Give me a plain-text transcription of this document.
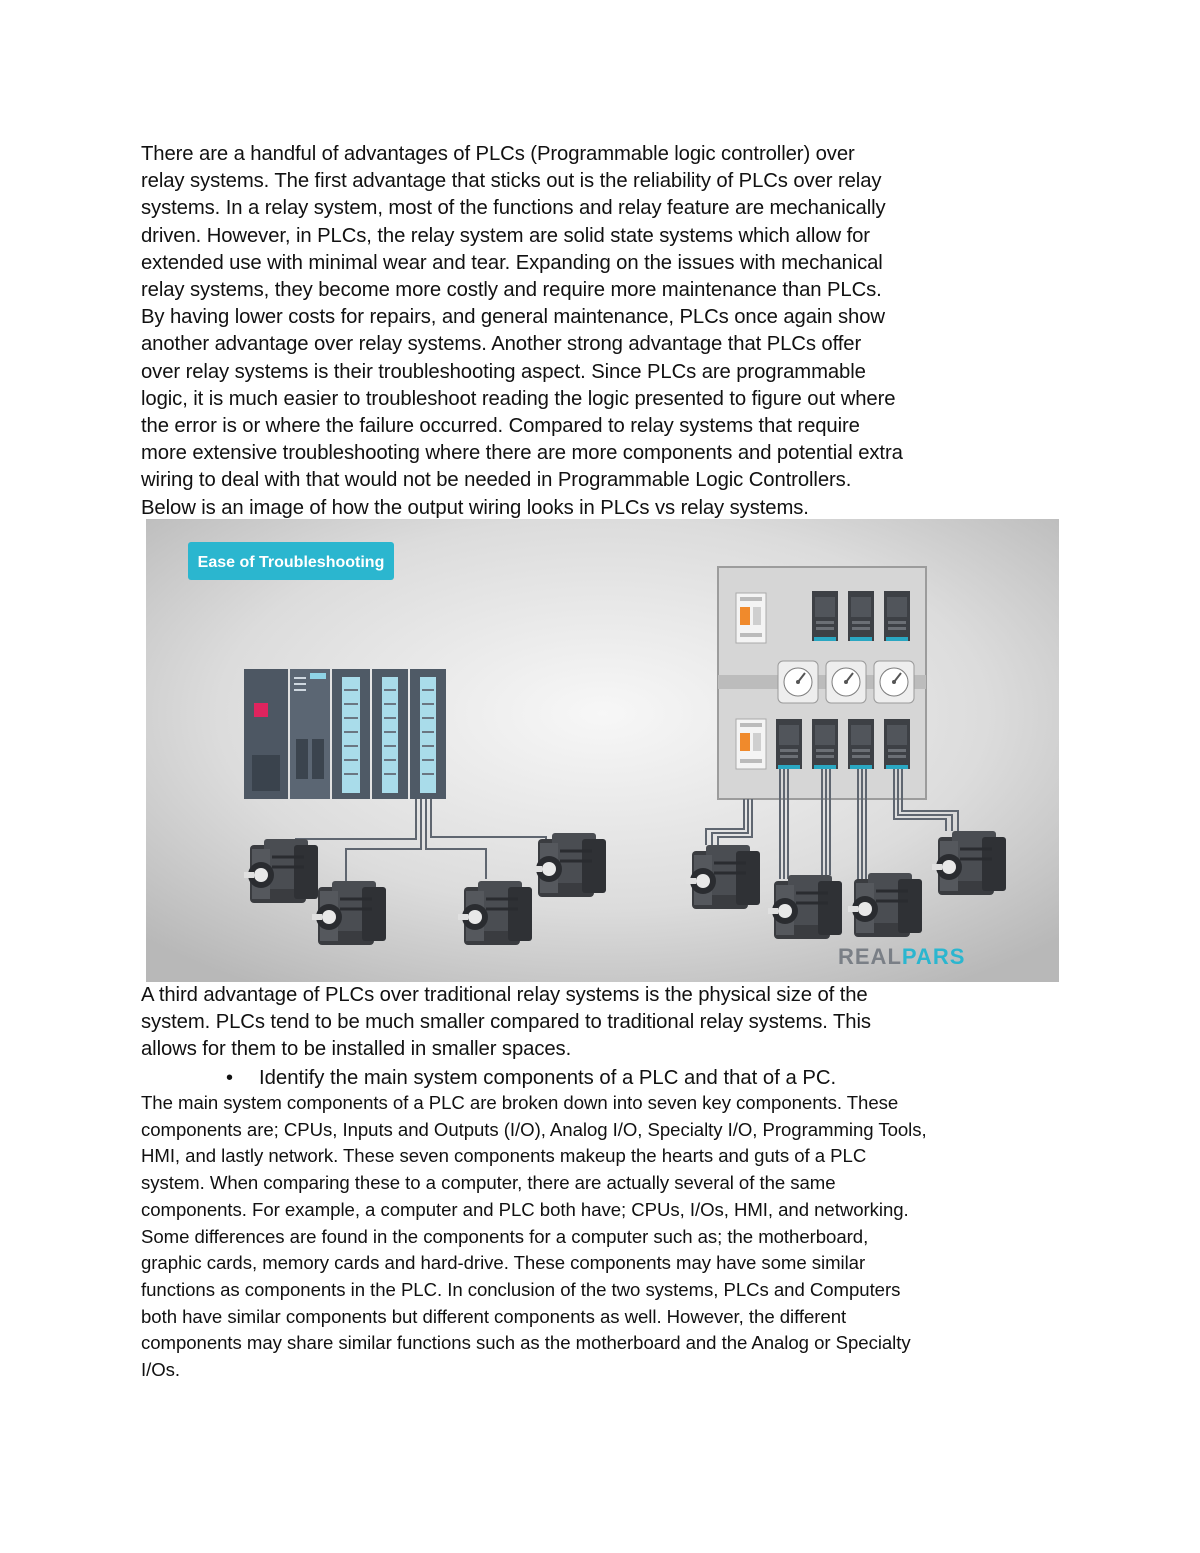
There are a handful of advantages of PLCs (Programmable logic controller) over
relay systems. The first advantage that sticks out is the reliability of PLCs over relay
systems. In a relay system, most of the functions and relay feature are mechanically
driven. However, in PLCs, the relay system are solid state systems which allow for
extended use with minimal wear and tear. Expanding on the issues with mechanical
relay systems, they become more costly and require more maintenance than PLCs.
By having lower costs for repairs, and general maintenance, PLCs once again show
another advantage over relay systems. Another strong advantage that PLCs offer
over relay systems is their troubleshooting aspect. Since PLCs are programmable
logic, it is much easier to troubleshoot reading the logic presented to figure out where
the error is or where the failure occurred. Compared to relay systems that require
more extensive troubleshooting where there are more components and potential extra
wiring to deal with that would not be needed in Programmable Logic Controllers.
Below is an image of how the output wiring looks in PLCs vs relay systems.

Ease of Troubleshooting
REALPARS

A third advantage of PLCs over traditional relay systems is the physical size of the
system. PLCs tend to be much smaller compared to traditional relay systems. This
allows for them to be installed in smaller spaces.

• Identify the main system components of a PLC and that of a PC.

The main system components of a PLC are broken down into seven key components. These
components are; CPUs, Inputs and Outputs (I/O), Analog I/O, Specialty I/O, Programming Tools,
HMI, and lastly network. These seven components makeup the hearts and guts of a PLC
system. When comparing these to a computer, there are actually several of the same
components. For example, a computer and PLC both have; CPUs, I/Os, HMI, and networking.
Some differences are found in the components for a computer such as; the motherboard,
graphic cards, memory cards and hard-drive. These components may have some similar
functions as components in the PLC. In conclusion of the two systems, PLCs and Computers
both have similar components but different components as well. However, the different
components may share similar functions such as the motherboard and the Analog or Specialty
I/Os.
